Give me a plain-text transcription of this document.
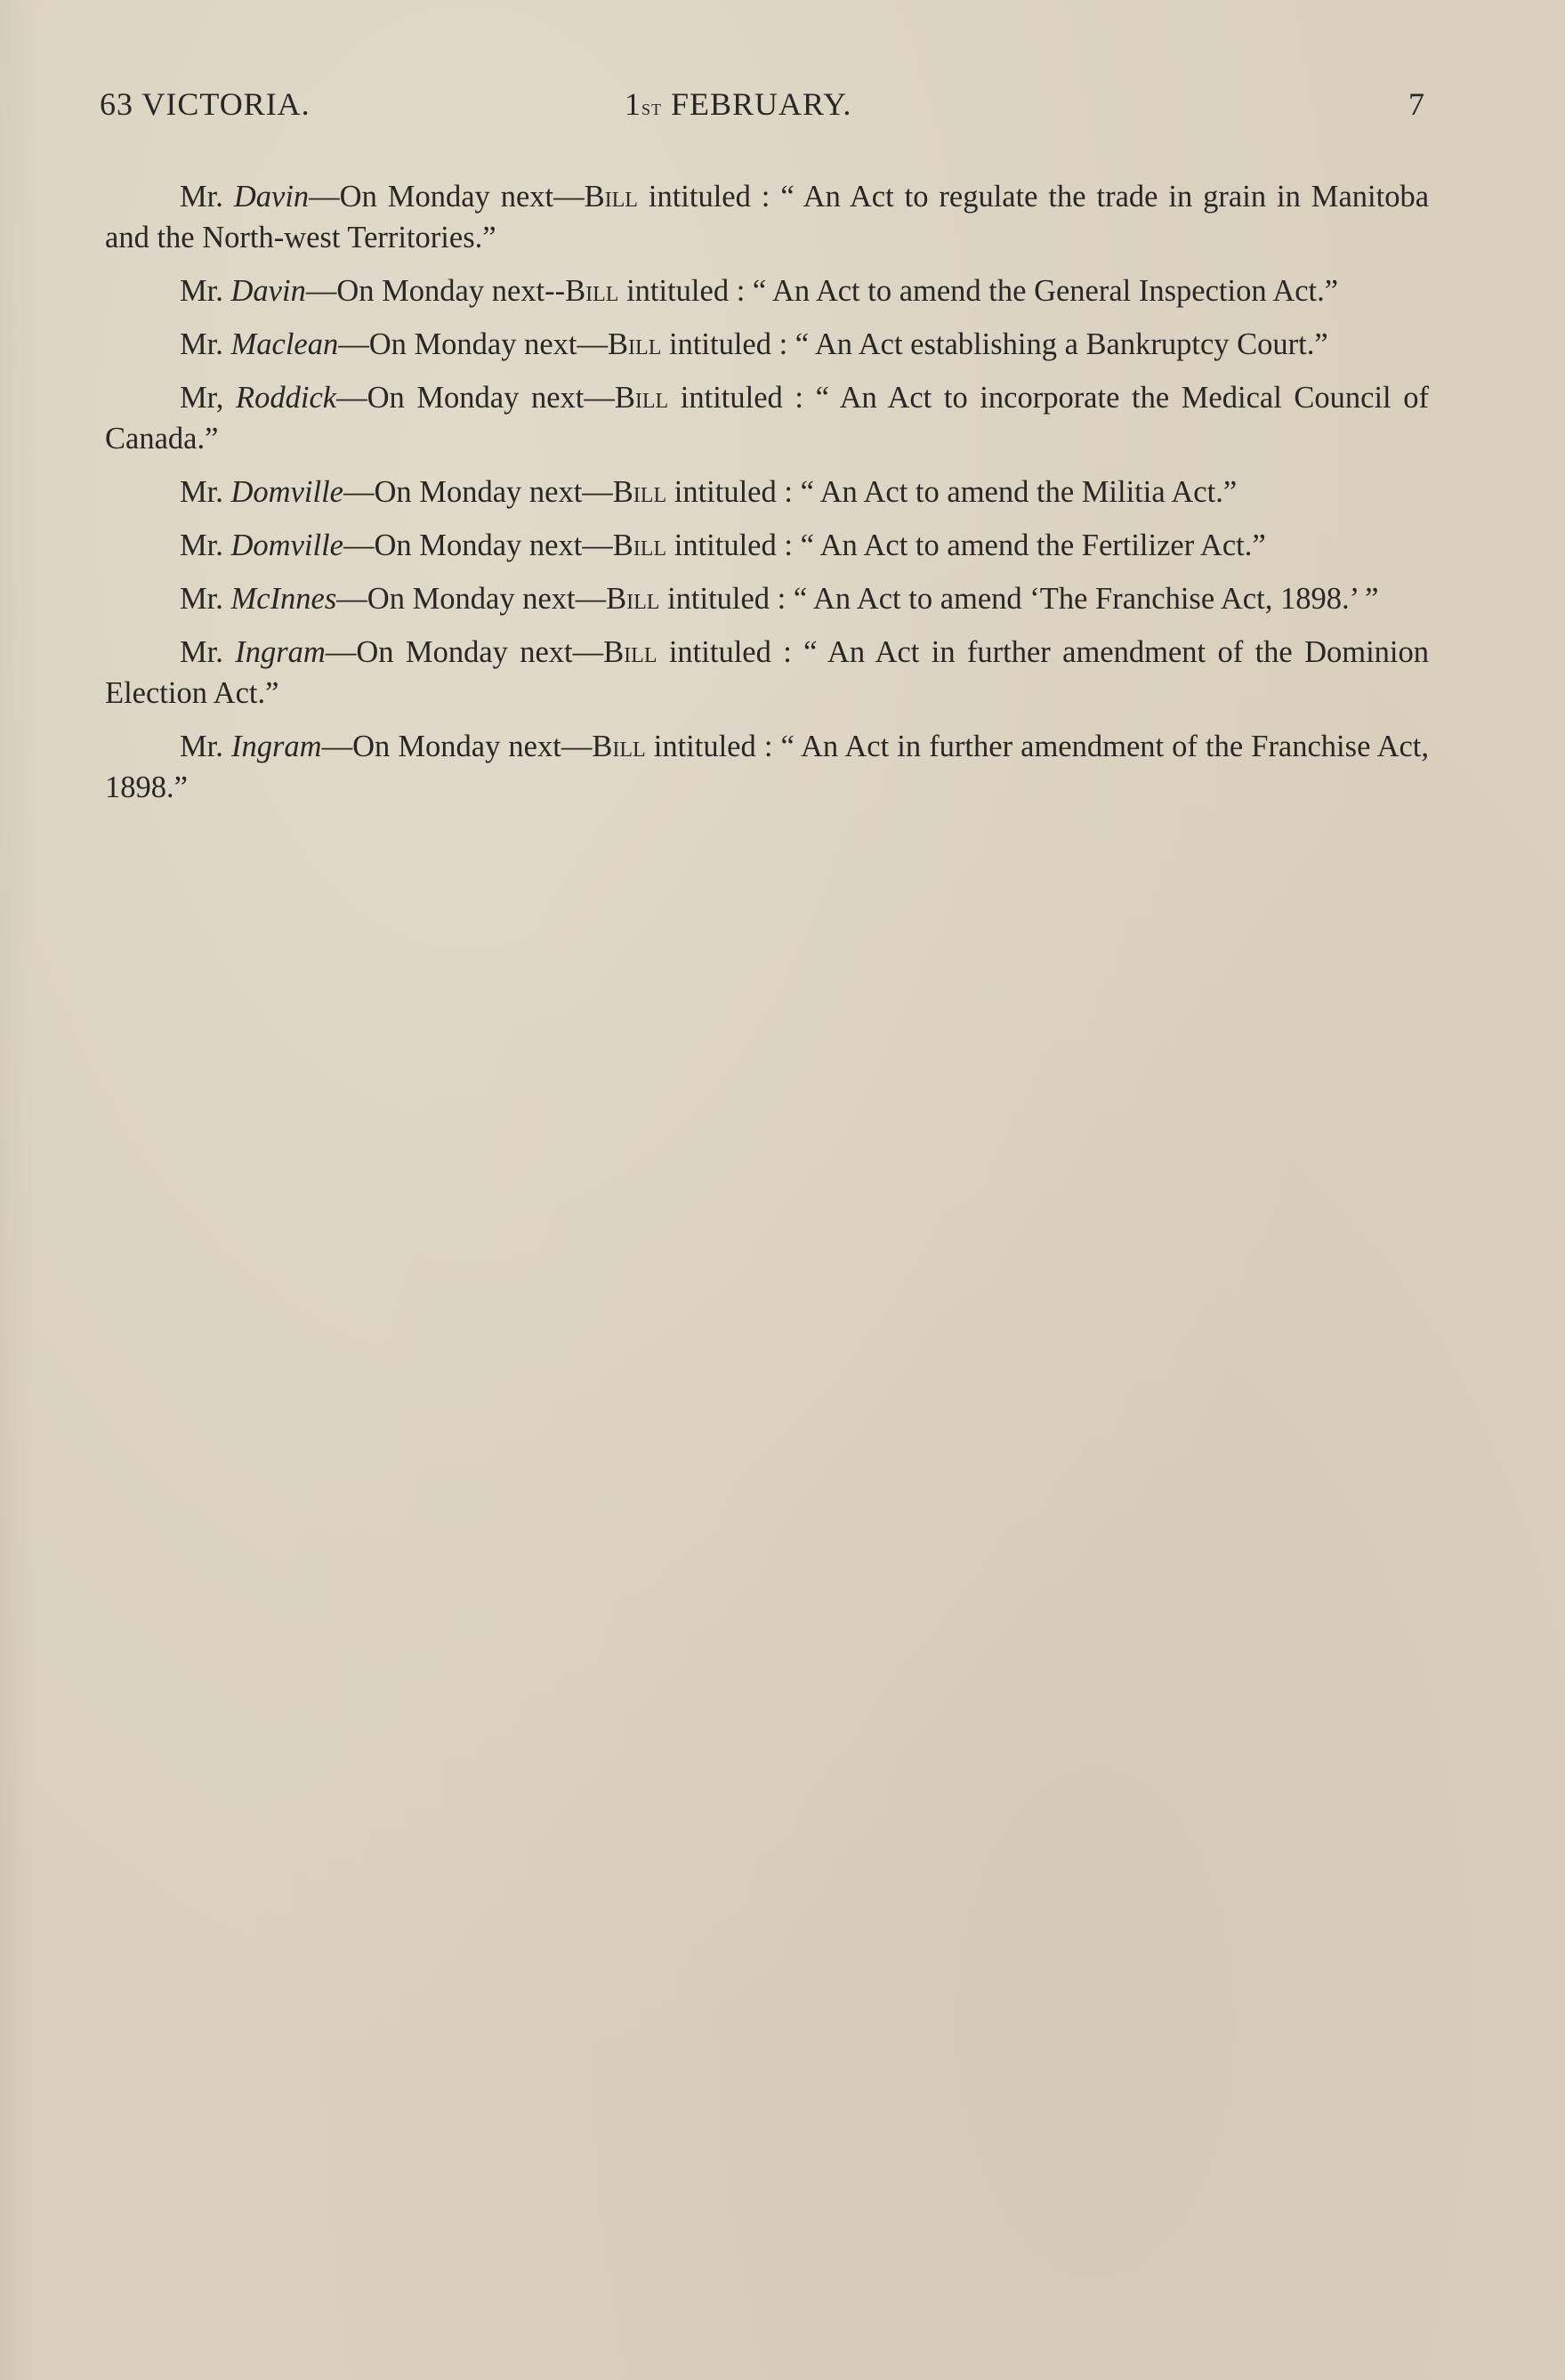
63 VICTORIA.	1st FEBRUARY.	7

Mr. Davin—On Monday next—Bill intituled : “ An Act to regulate the trade in grain in Manitoba and the North-west Territories.”

Mr. Davin—On Monday next--Bill intituled : “ An Act to amend the General Inspection Act.”

Mr. Maclean—On Monday next—Bill intituled : “ An Act establishing a Bankruptcy Court.”

Mr, Roddick—On Monday next—Bill intituled : “ An Act to incorporate the Medical Council of Canada.”

Mr. Domville—On Monday next—Bill intituled : “ An Act to amend the Militia Act.”

Mr. Domville—On Monday next—Bill intituled : “ An Act to amend the Fertilizer Act.”

Mr. McInnes—On Monday next—Bill intituled : “ An Act to amend ‘The Franchise Act, 1898.’ ”

Mr. Ingram—On Monday next—Bill intituled : “ An Act in further amendment of the Dominion Election Act.”

Mr. Ingram—On Monday next—Bill intituled : “ An Act in further amendment of the Franchise Act, 1898.”
